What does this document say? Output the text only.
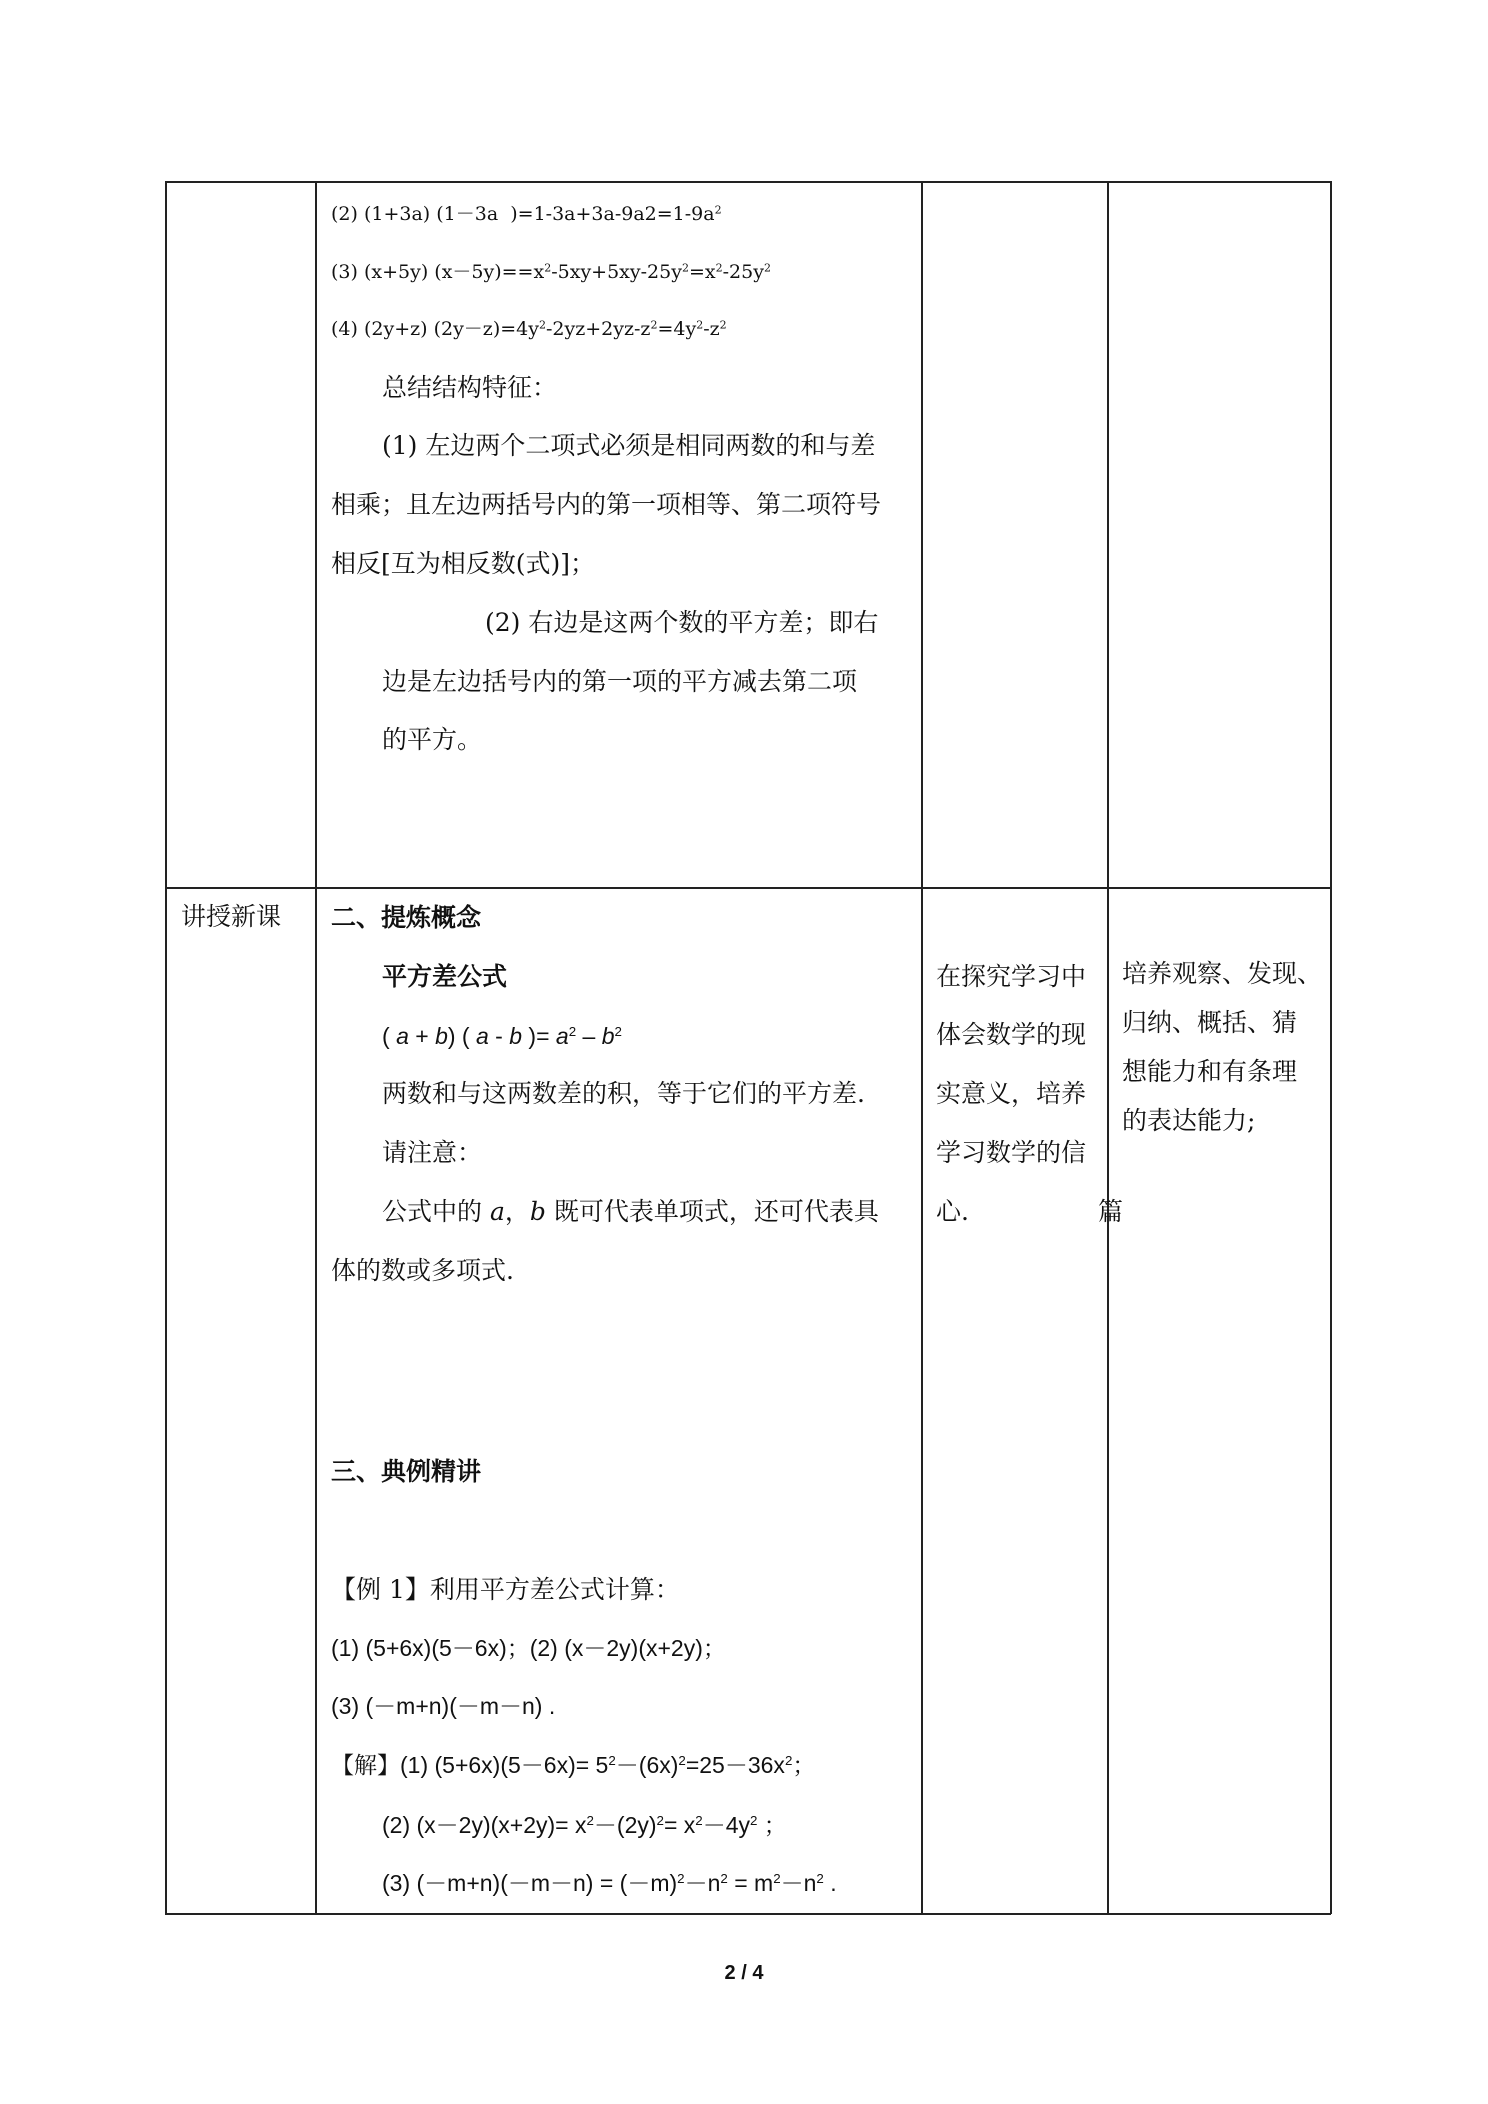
(2) (1+3a) (1－3a  )$=1-3a+3a-9a2=1-9a^2$
(3) (x+5y) $(x-5y)==x^2-5xy+5xy-25y^2=x^2-25y^2$
(4) (2y+z) $(2y-z)=4y^2-2yz+2yz-z^2=4y^2-z^2$
总结结构特征：
(1) 左边两个二项式必须是相同两数的和与差
相乘；且左边两括号内的第一项相等、第二项符号
相反[互为相反数(式)]；
(2) 右边是这两个数的平方差；即右
边是左边括号内的第一项的平方减去第二项
的平方。
讲授新课 二、提炼概念
平方差公式
( a + b) ( a - b )= $a^2 - b^2$
两数和与这两数差的积，等于它们的平方差.
请注意：
公式中的 a，b 既可代表单项式，还可代表具
体的数或多项式.
三、典例精讲
【例 1】利用平方差公式计算：
(1) (5+6x)(5－6x)；(2) (x－2y)(x+2y)；
(3) (－m+n)(－m－n) .
【解】(1) $(5+6x)(5-6x)= 5^2-(6x)^2=25-36x^2$；
(2) $(x-2y)(x+2y)= x^2-(2y)^2= x^2-4y^2$ ；
(3) $(-m+n)(-m-n) = (-m)^2-n^2 = m^2-n^2$ .
在探究学习中
体会数学的现
实意义，培养
学习数学的信
心.	篇
培养观察、发现、
归纳、概括、猜
想能力和有条理
的表达能力;
2 / 4
